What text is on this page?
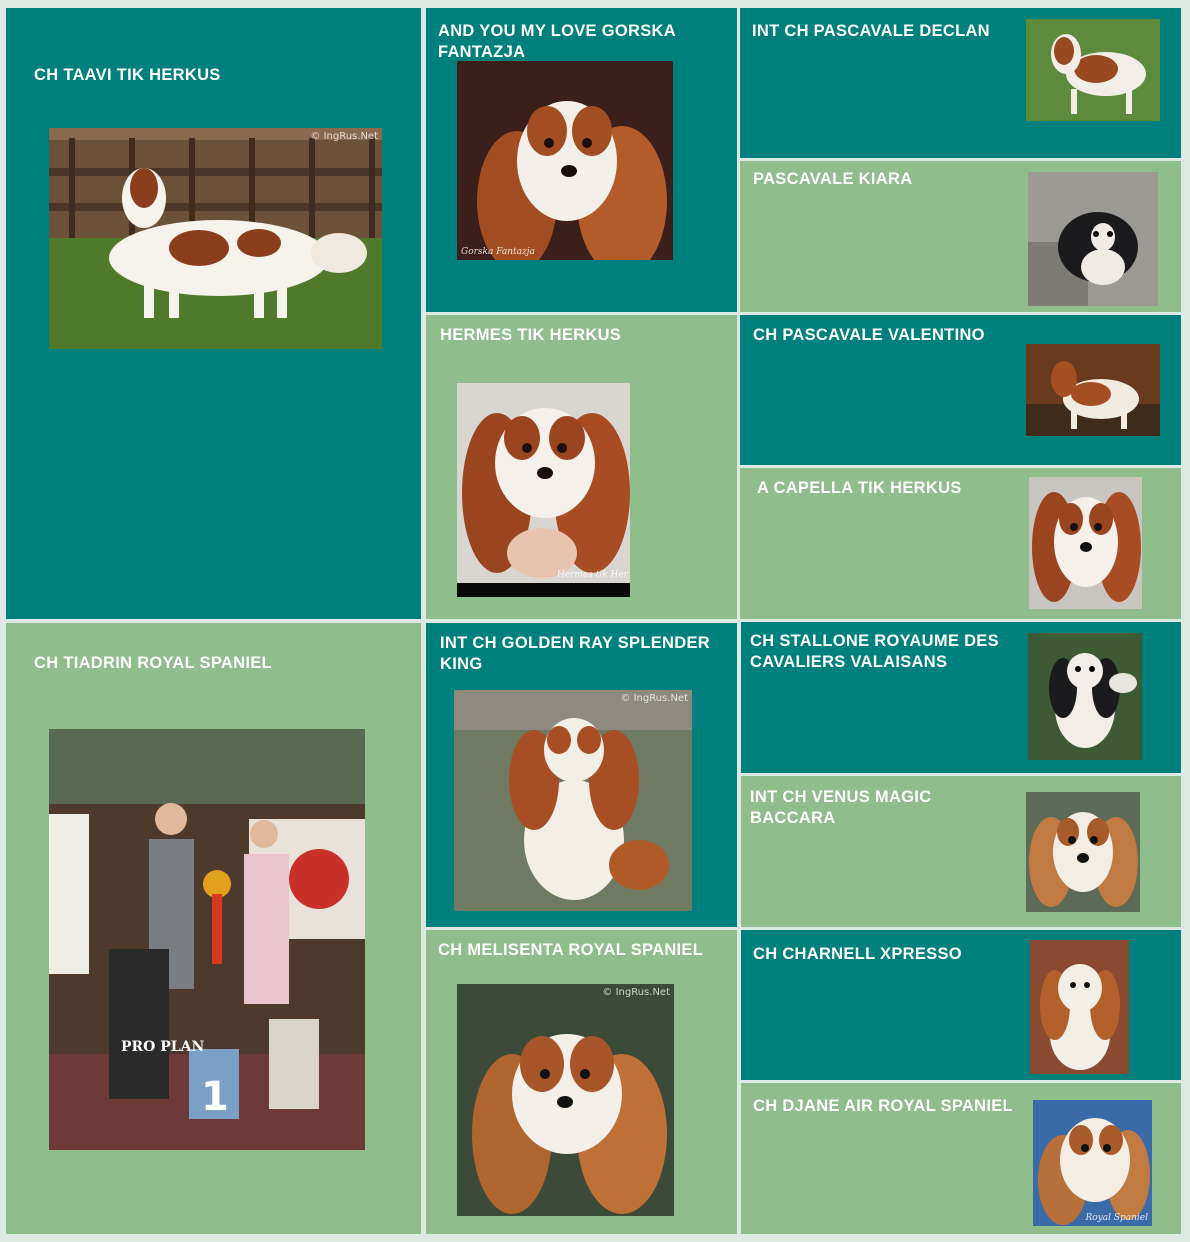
CH TAAVI TIK HERKUS
© IngRus.Net
AND YOU MY LOVE GORSKA FANTAZJA
Gorska Fantazja
INT CH PASCAVALE DECLAN
PASCAVALE KIARA
HERMES TIK HERKUS
Hermes tik Her
CH PASCAVALE VALENTINO
A CAPELLA TIK HERKUS
CH TIADRIN ROYAL SPANIEL
PRO PLAN
1
INT CH GOLDEN RAY SPLENDER KING
© IngRus.Net
CH STALLONE ROYAUME DES CAVALIERS VALAISANS
INT CH VENUS MAGIC BACCARA
CH MELISENTA ROYAL SPANIEL
© IngRus.Net
CH CHARNELL XPRESSO
CH DJANE AIR ROYAL SPANIEL
Royal Spaniel
